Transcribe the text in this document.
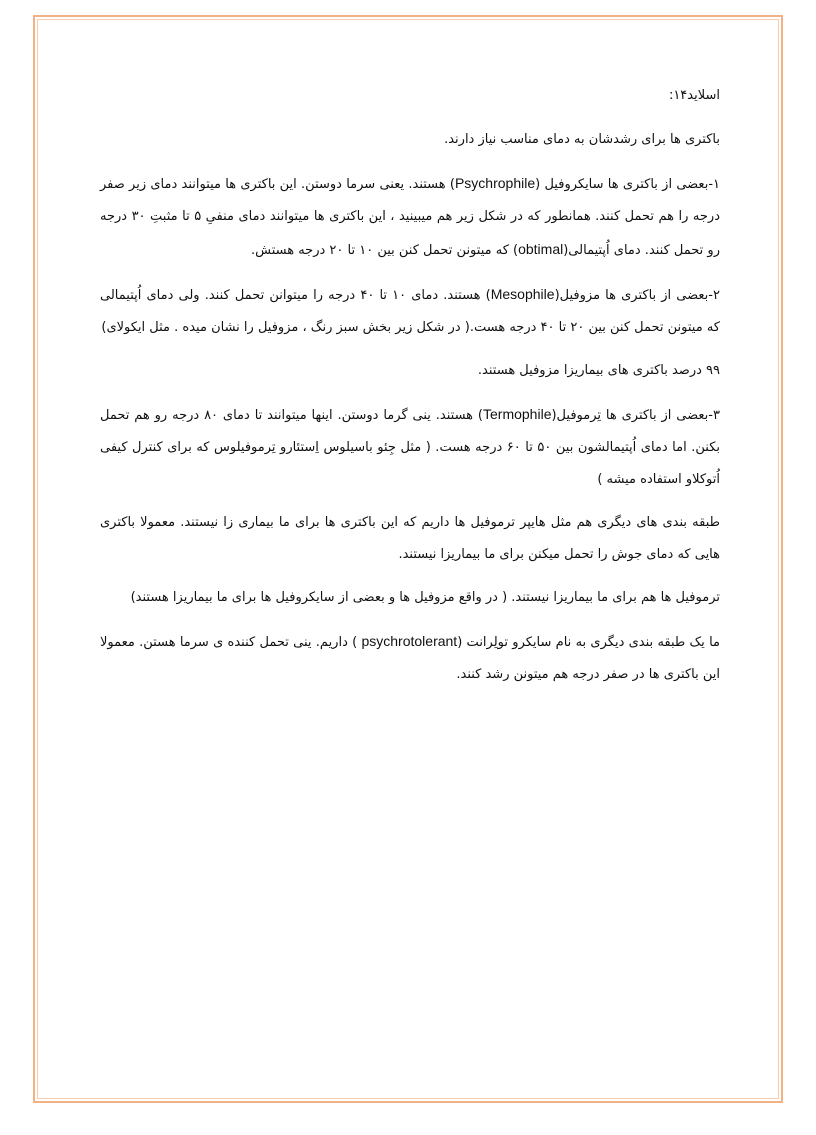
اسلاید۱۴:

باکتری ها برای رشدشان به دمای مناسب نیاز دارند.

۱-بعضی از باکتری ها سایکروفیل (Psychrophile) هستند. یعنی سرما دوستن. این باکتری ها میتوانند دمای زیر صفر درجه را هم تحمل کنند. همانطور که در شکل زیر هم میبینید ، این باکتری ها میتوانند دمای منفیِ ۵ تا مثبتِ ۳۰ درجه رو تحمل کنند. دمای اُپتیمالی(obtimal) که میتونن تحمل کنن بین ۱۰ تا ۲۰ درجه هستش.

۲-بعضی از باکتری ها مزوفیل(Mesophile) هستند. دمای ۱۰ تا ۴۰ درجه را میتوانن تحمل کنند. ولی دمای اُپتیمالی که میتونن تحمل کنن بین ۲۰ تا ۴۰ درجه هست.( در شکل زیر بخش سبز رنگ ، مزوفیل را نشان میده . مثل ایکولای)

۹۹ درصد باکتری های بیماریزا مزوفیل هستند.

۳-بعضی از باکتری ها تِرموفیل(Termophile) هستند. ینی گرما دوستن. اینها میتوانند تا دمای ۸۰ درجه رو هم تحمل بکنن. اما دمای اُپتیمالشون بین ۵۰ تا ۶۰ درجه هست. ( مثل جِئو باسیلوس اِستئارو تِرموفیلوس که برای کنترل کیفی اُتوکلاو استفاده میشه )

طبقه بندی های دیگری هم مثل هایپر ترموفیل ها داریم که این باکتری ها برای ما بیماری زا نیستند. معمولا باکتری هایی که دمای جوش را تحمل میکنن برای ما بیماریزا نیستند.

ترموفیل ها هم برای ما بیماریزا نیستند. ( در واقع مزوفیل ها و بعضی از سایکروفیل ها برای ما بیماریزا هستند)

ما یک طبقه بندی دیگری به نام سایکرو تولِرانت (psychrotolerant ) داریم. ینی تحمل کننده ی سرما هستن. معمولا این باکتری ها در صفر درجه هم میتونن رشد کنند.
